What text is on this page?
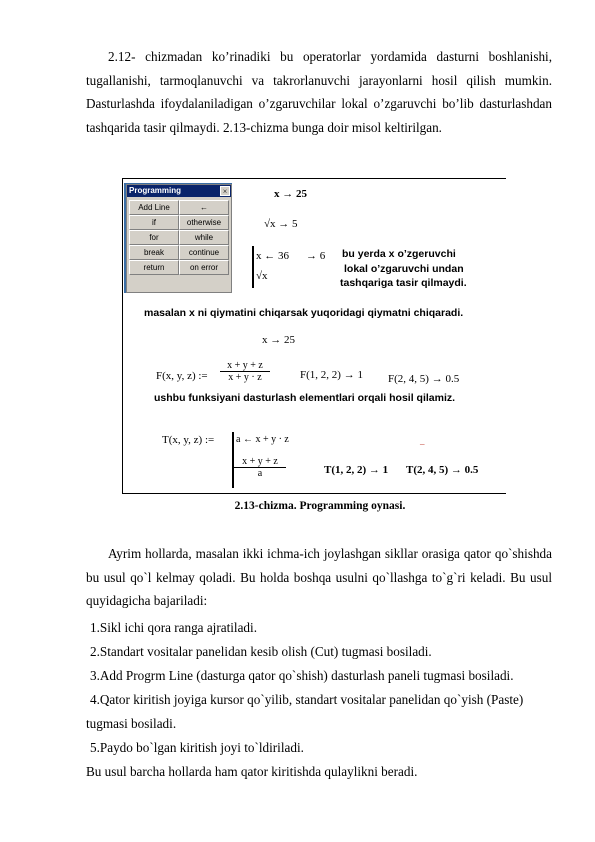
2.12- chizmadan ko’rinadiki bu operatorlar yordamida dasturni boshlanishi, tugallanishi, tarmoqlanuvchi va takrorlanuvchi jarayonlarni hosil qilish mumkin. Dasturlashda ifoydalaniladigan o’zgaruvchilar lokal o’zgaruvchi bo’lib dasturlashdan tashqarida tasir qilmaydi. 2.13-chizma bunga doir misol keltirilgan.
Programming	×
Add Line	←
if	otherwise
for	while
break	continue
return	on error
x → 25
√x → 5
x ← 36 → 6
√x
bu yerda x o’zgeruvchi
lokal o’zgaruvchi undan
tashqariga tasir qilmaydi.
masalan x ni qiymatini chiqarsak yuqoridagi qiymatni chiqaradi.
x → 25
F(x, y, z) := $\frac{x + y + z}{x + y \cdot z}$	F(1, 2, 2) → 1 F(2, 4, 5) → 0.5
ushbu funksiyani dasturlash elementlari orqali hosil qilamiz.
T(x, y, z) := a ← x + y · z
$\frac{x + y + z}{a}$
_
T(1, 2, 2) → 1 T(2, 4, 5) → 0.5
2.13-chizma. Programming oynasi.
Ayrim hollarda, masalan ikki ichma-ich joylashgan sikllar orasiga qator qo`shishda bu usul qo`l kelmay qoladi. Bu holda boshqa usulni qo`llashga to`g`ri keladi. Bu usul quyidagicha bajariladi:
1.Sikl ichi qora ranga ajratiladi.
2.Standart vositalar panelidan kesib olish (Cut) tugmasi bosiladi.
3.Add Progrm Line (dasturga qator qo`shish) dasturlash paneli tugmasi bosiladi.
4.Qator kiritish joyiga kursor qo`yilib, standart vositalar panelidan qo`yish (Paste)
tugmasi bosiladi.
5.Paydo bo`lgan kiritish joyi to`ldiriladi.
Bu usul barcha hollarda ham qator kiritishda qulaylikni beradi.
